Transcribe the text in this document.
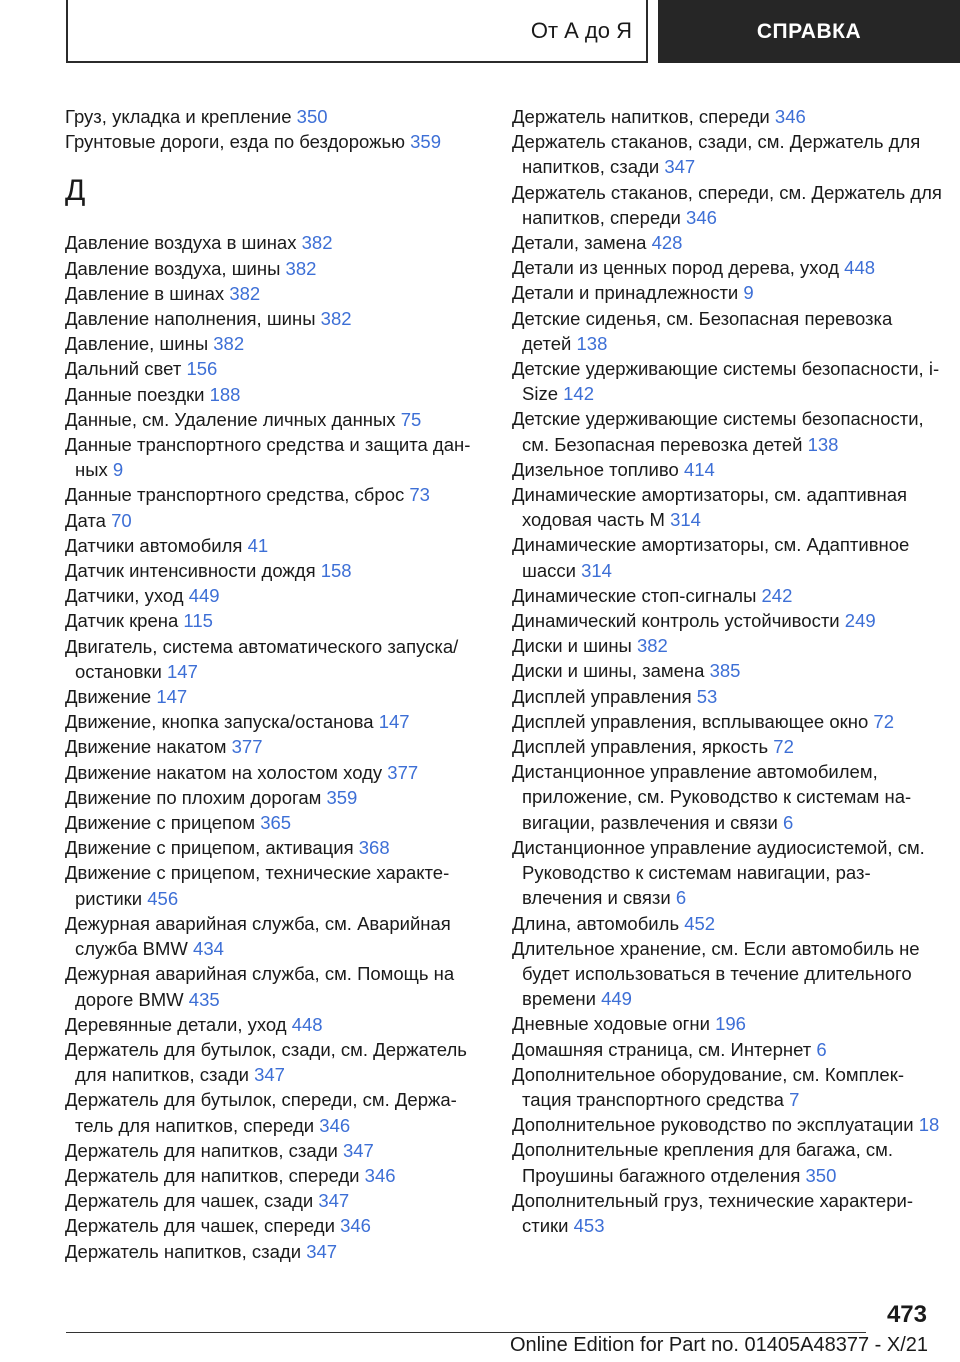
От А до Я	СПРАВКА

Груз, укладка и крепление 350

Грунтовые дороги, езда по бездорожью 359

Д

Давление воздуха в шинах 382

Давление воздуха, шины 382

Давление в шинах 382

Давление наполнения, шины 382

Давление, шины 382

Дальний свет 156

Данные поездки 188

Данные, см. Удаление личных данных 75

Данные транспортного средства и защита данных 9

Данные транспортного средства, сброс 73

Дата 70

Датчики автомобиля 41

Датчик интенсивности дождя 158

Датчики, уход 449

Датчик крена 115

Двигатель, система автоматического запуска/ остановки 147

Движение 147

Движение, кнопка запуска/останова 147

Движение накатом 377

Движение накатом на холостом ходу 377

Движение по плохим дорогам 359

Движение с прицепом 365

Движение с прицепом, активация 368

Движение с прицепом, технические характеристики 456

Дежурная аварийная служба, см. Аварийная служба BMW 434

Дежурная аварийная служба, см. Помощь на дороге BMW 435

Деревянные детали, уход 448

Держатель для бутылок, сзади, см. Держатель для напитков, сзади 347

Держатель для бутылок, спереди, см. Держатель для напитков, спереди 346

Держатель для напитков, сзади 347

Держатель для напитков, спереди 346

Держатель для чашек, сзади 347

Держатель для чашек, спереди 346

Держатель напитков, сзади 347

Держатель напитков, спереди 346

Держатель стаканов, сзади, см. Держатель для напитков, сзади 347

Держатель стаканов, спереди, см. Держатель для напитков, спереди 346

Детали, замена 428

Детали из ценных пород дерева, уход 448

Детали и принадлежности 9

Детские сиденья, см. Безопасная перевозка детей 138

Детские удерживающие системы безопасности, i-Size 142

Детские удерживающие системы безопасности, см. Безопасная перевозка детей 138

Дизельное топливо 414

Динамические амортизаторы, см. адаптивная ходовая часть M 314

Динамические амортизаторы, см. Адаптивное шасси 314

Динамические стоп-сигналы 242

Динамический контроль устойчивости 249

Диски и шины 382

Диски и шины, замена 385

Дисплей управления 53

Дисплей управления, всплывающее окно 72

Дисплей управления, яркость 72

Дистанционное управление автомобилем, приложение, см. Руководство к системам навигации, развлечения и связи 6

Дистанционное управление аудиосистемой, см. Руководство к системам навигации, развлечения и связи 6

Длина, автомобиль 452

Длительное хранение, см. Если автомобиль не будет использоваться в течение длительного времени 449

Дневные ходовые огни 196

Домашняя страница, см. Интернет 6

Дополнительное оборудование, см. Комплектация транспортного средства 7

Дополнительное руководство по эксплуатации 18

Дополнительные крепления для багажа, см. Проушины багажного отделения 350

Дополнительный груз, технические характеристики 453

473
Online Edition for Part no. 01405A48377 - X/21
